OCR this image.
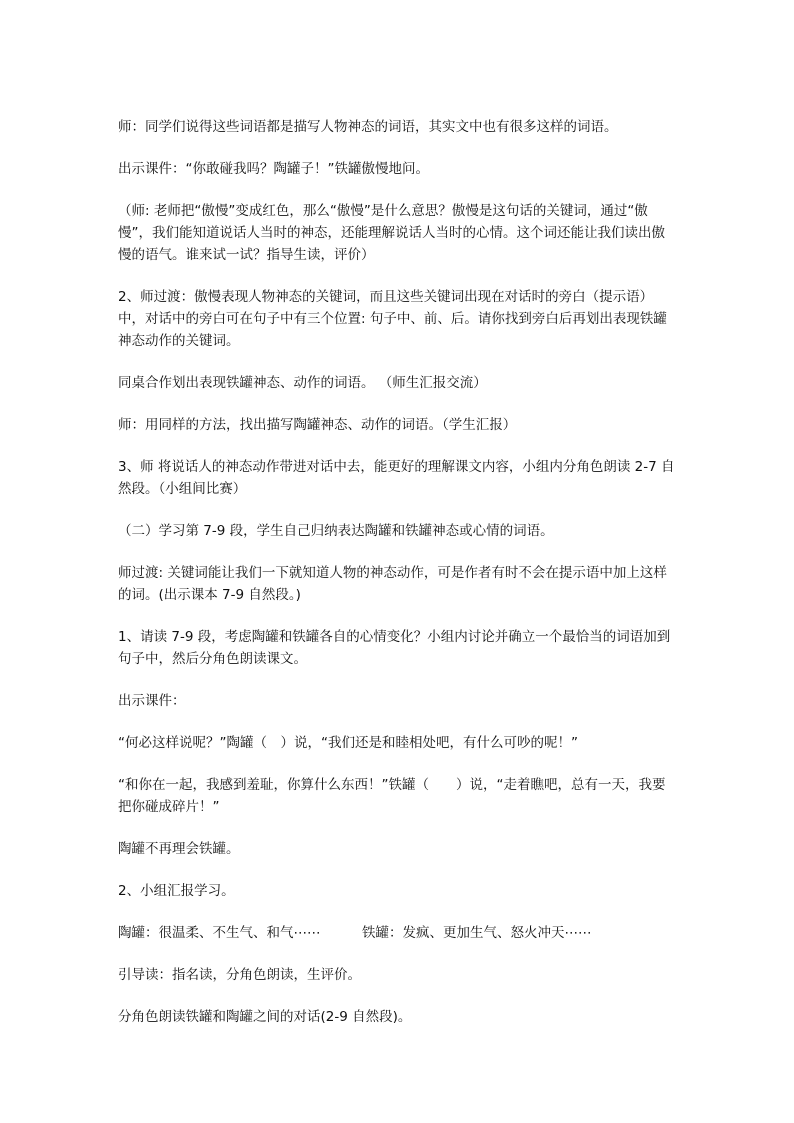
师：同学们说得这些词语都是描写人物神态的词语，其实文中也有很多这样的词语。

出示课件：“你敢碰我吗？陶罐子！”铁罐傲慢地问。

（师: 老师把“傲慢”变成红色，那么“傲慢”是什么意思？傲慢是这句话的关键词，通过“傲慢”，我们能知道说话人当时的神态，还能理解说话人当时的心情。这个词还能让我们读出傲慢的语气。谁来试一试？指导生读，评价）

2、师过渡：傲慢表现人物神态的关键词，而且这些关键词出现在对话时的旁白（提示语）中，对话中的旁白可在句子中有三个位置: 句子中、前、后。请你找到旁白后再划出表现铁罐神态动作的关键词。

同桌合作划出表现铁罐神态、动作的词语。 （师生汇报交流）

师：用同样的方法，找出描写陶罐神态、动作的词语。（学生汇报）

3、师 将说话人的神态动作带进对话中去，能更好的理解课文内容，小组内分角色朗读 2-7 自然段。（小组间比赛）

（二）学习第 7-9 段，学生自己归纳表达陶罐和铁罐神态或心情的词语。

师过渡: 关键词能让我们一下就知道人物的神态动作，可是作者有时不会在提示语中加上这样的词。(出示课本 7-9 自然段。)

1、请读 7-9 段，考虑陶罐和铁罐各自的心情变化？小组内讨论并确立一个最恰当的词语加到句子中，然后分角色朗读课文。

出示课件：

“何必这样说呢？”陶罐（　）说，“我们还是和睦相处吧，有什么可吵的呢！”

“和你在一起，我感到羞耻，你算什么东西！”铁罐（　　）说，“走着瞧吧，总有一天，我要把你碰成碎片！”

陶罐不再理会铁罐。

2、小组汇报学习。

陶罐：很温柔、不生气、和气⋯⋯	铁罐：发疯、更加生气、怒火冲天⋯⋯

引导读：指名读，分角色朗读，生评价。

分角色朗读铁罐和陶罐之间的对话(2-9 自然段)。
